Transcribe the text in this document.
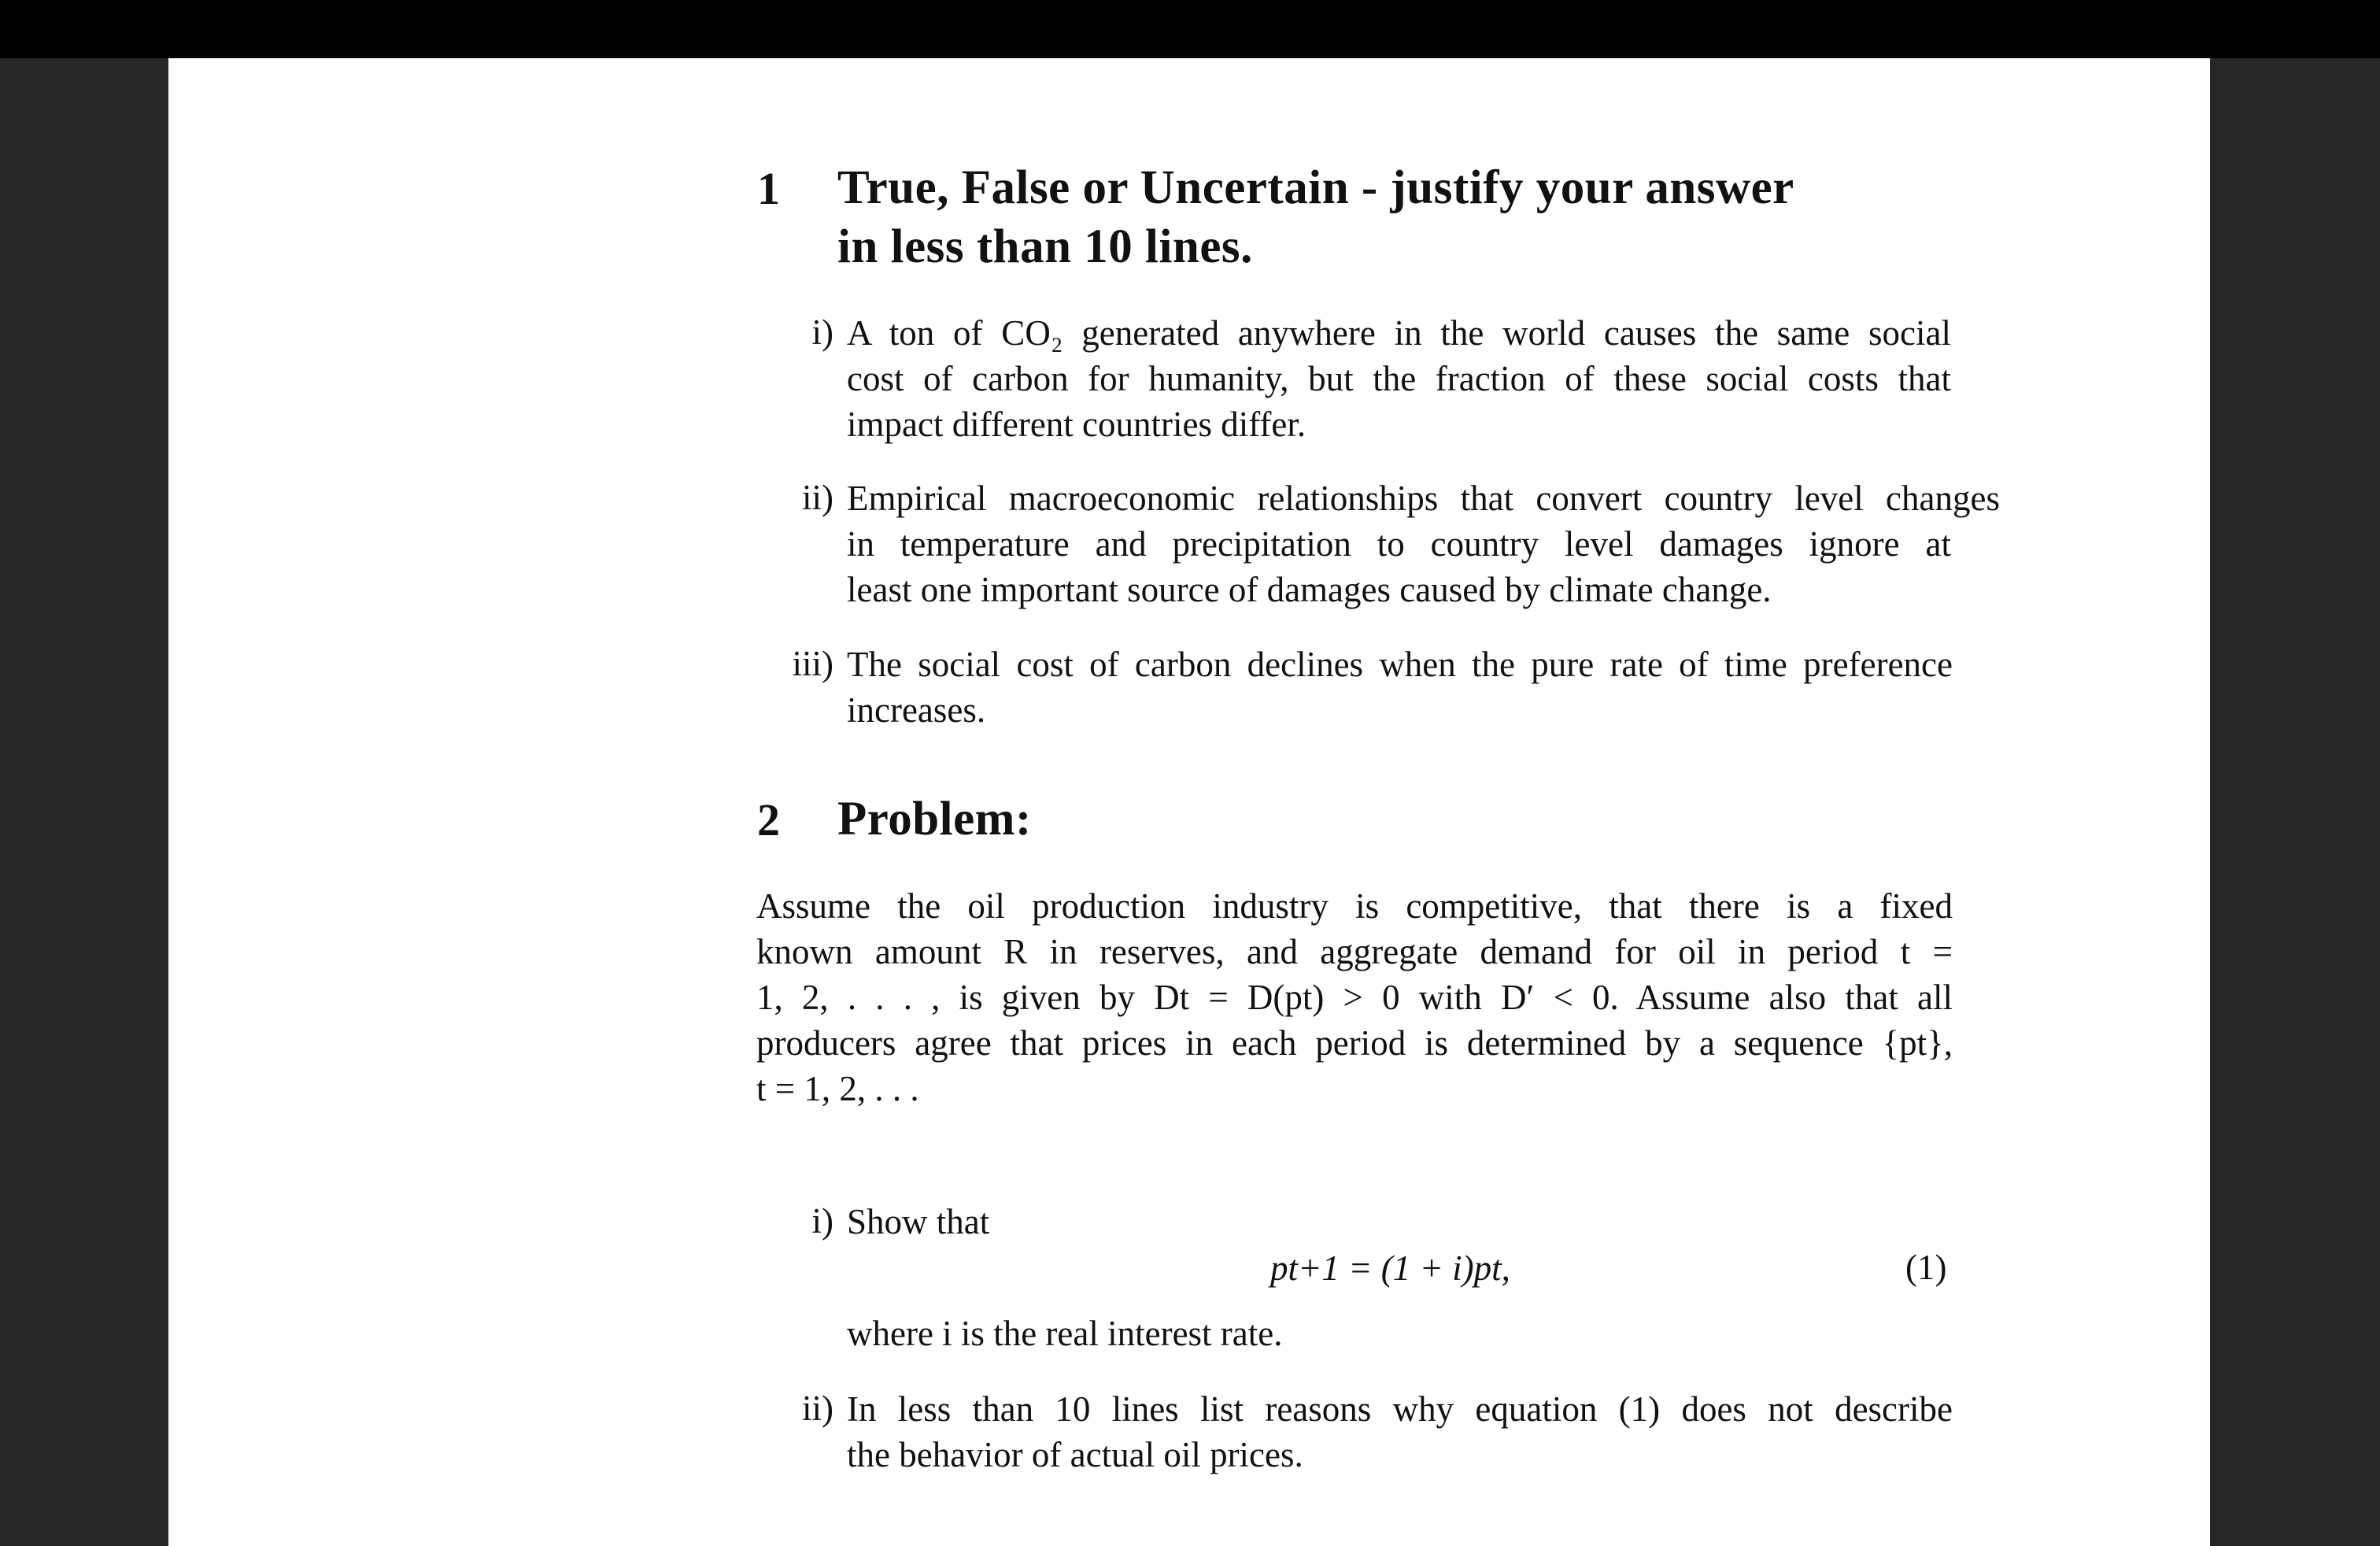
1 True, False or Uncertain - justify your answer
in less than 10 lines.
i) A ton of CO₂ generated anywhere in the world causes the same social
cost of carbon for humanity, but the fraction of these social costs that
impact different countries differ.
ii) Empirical macroeconomic relationships that convert country level changes
in temperature and precipitation to country level damages ignore at
least one important source of damages caused by climate change.
iii) The social cost of carbon declines when the pure rate of time preference
increases.
2 Problem:
Assume the oil production industry is competitive, that there is a fixed
known amount R in reserves, and aggregate demand for oil in period t =
1, 2, . . . , is given by Dt = D(pt) > 0 with D′ < 0. Assume also that all
producers agree that prices in each period is determined by a sequence {pt},
t = 1, 2, . . .
i) Show that
pt+1 = (1 + i)pt,	(1)
where i is the real interest rate.
ii) In less than 10 lines list reasons why equation (1) does not describe
the behavior of actual oil prices.
